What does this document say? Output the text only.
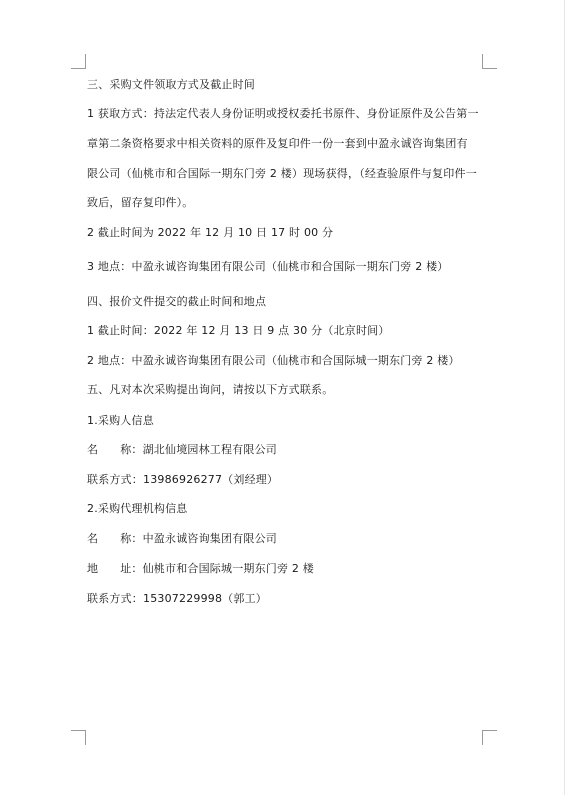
三、采购文件领取方式及截止时间
1 获取方式：持法定代表人身份证明或授权委托书原件、身份证原件及公告第一
章第二条资格要求中相关资料的原件及复印件一份一套到中盈永诚咨询集团有
限公司（仙桃市和合国际一期东门旁 2 楼）现场获得，（经查验原件与复印件一
致后，留存复印件）。
2 截止时间为 2022 年 12 月 10 日 17 时 00 分
3 地点：中盈永诚咨询集团有限公司（仙桃市和合国际一期东门旁 2 楼）
四、报价文件提交的截止时间和地点
1 截止时间：2022 年 12 月 13 日 9 点 30 分（北京时间）
2 地点：中盈永诚咨询集团有限公司（仙桃市和合国际城一期东门旁 2 楼）
五、凡对本次采购提出询问，请按以下方式联系。
1.采购人信息
名 称：湖北仙境园林工程有限公司
联系方式：13986926277（刘经理）
2.采购代理机构信息
名 称：中盈永诚咨询集团有限公司
地 址：仙桃市和合国际城一期东门旁 2 楼
联系方式：15307229998（郭工）
